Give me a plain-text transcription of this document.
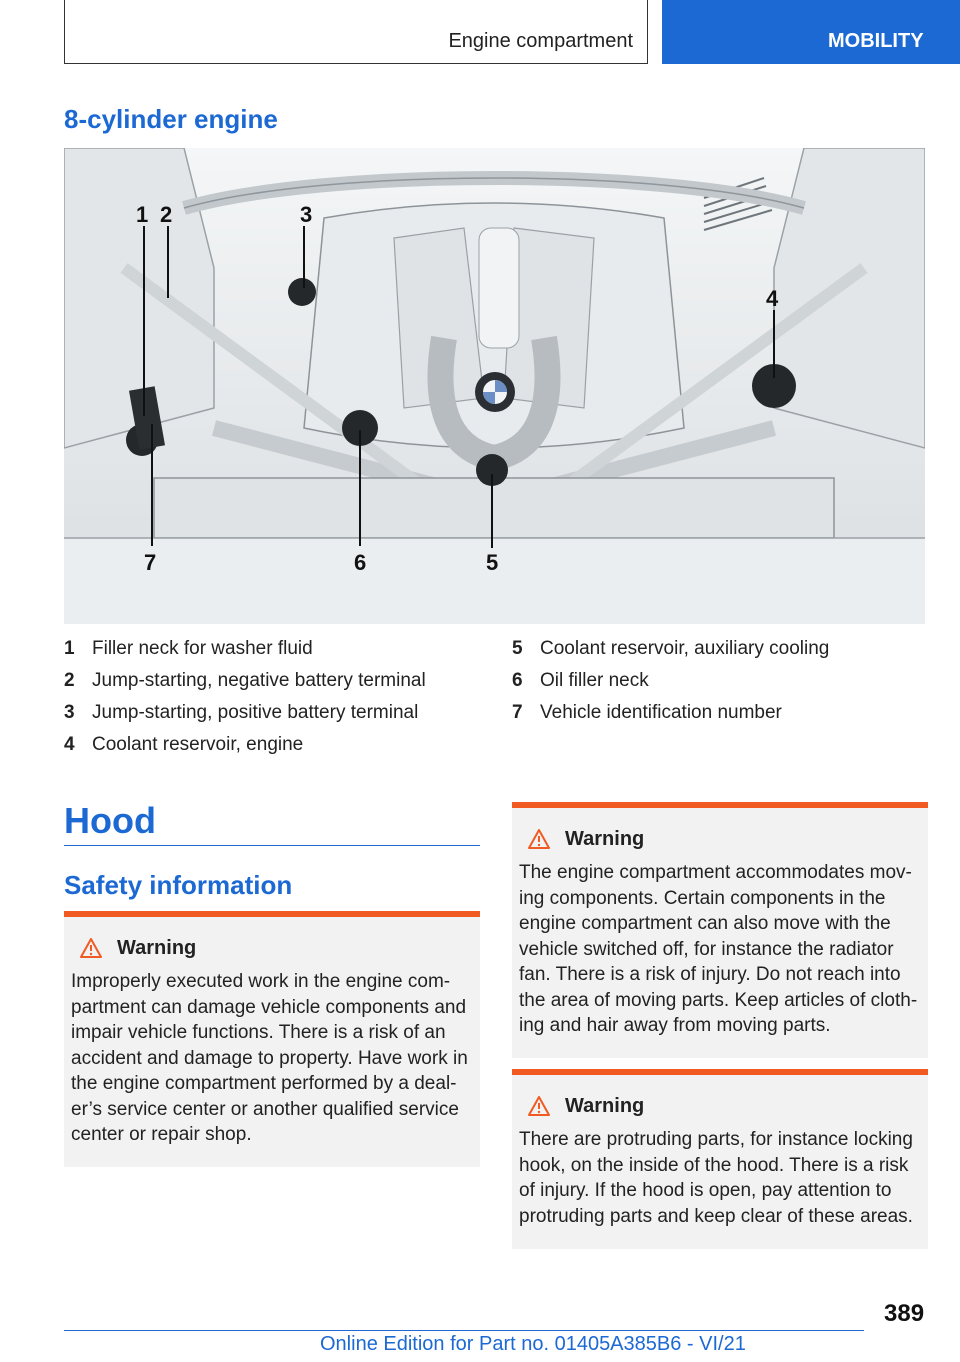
Engine compartment	MOBILITY
8-cylinder engine
1 2	3
4
5
6
7
1 Filler neck for washer fluid
2 Jump-starting, negative battery terminal
3 Jump-starting, positive battery terminal
4 Coolant reservoir, engine
5 Coolant reservoir, auxiliary cooling
6 Oil filler neck
7 Vehicle identification number
Hood
Safety information
Warning
Improperly executed work in the engine com- partment can damage vehicle components and impair vehicle functions. There is a risk of an accident and damage to property. Have work in the engine compartment performed by a deal- er’s service center or another qualified service center or repair shop.
Warning
The engine compartment accommodates mov- ing components. Certain components in the engine compartment can also move with the vehicle switched off, for instance the radiator fan. There is a risk of injury. Do not reach into the area of moving parts. Keep articles of cloth- ing and hair away from moving parts.
Warning
There are protruding parts, for instance locking hook, on the inside of the hood. There is a risk of injury. If the hood is open, pay attention to protruding parts and keep clear of these areas.
389
Online Edition for Part no. 01405A385B6 - VI/21
